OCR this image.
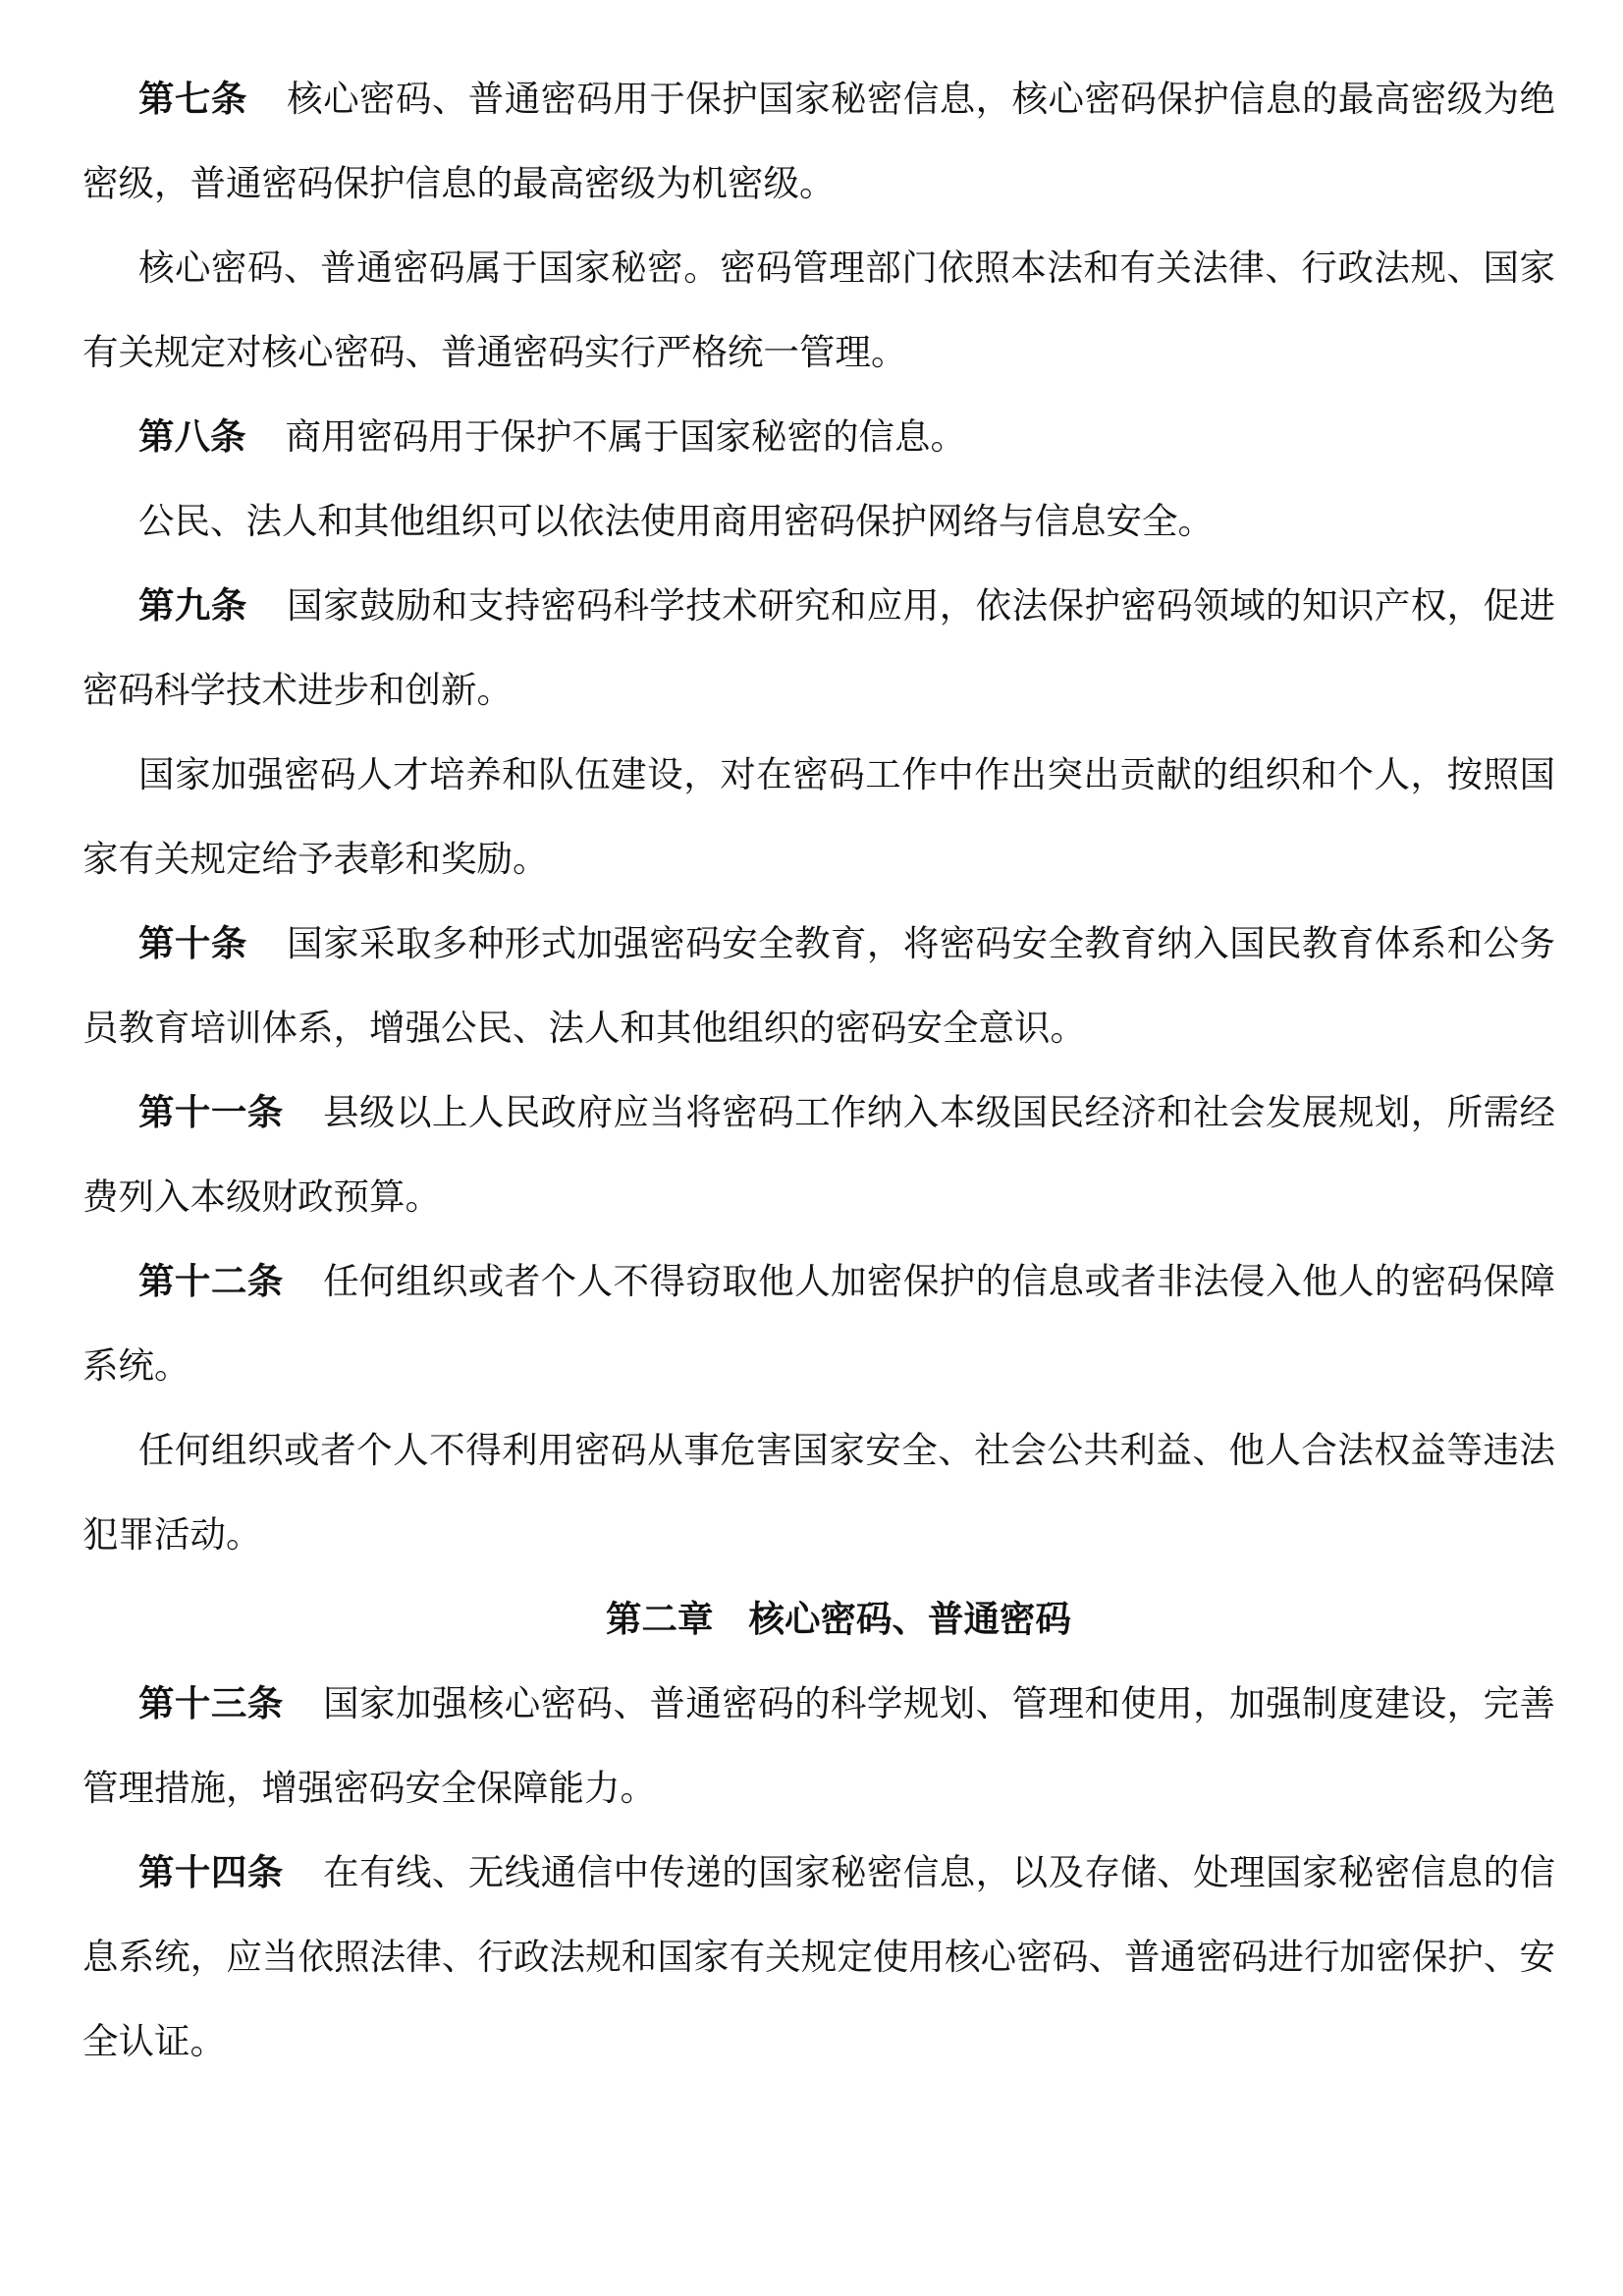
第七条 核心密码、普通密码用于保护国家秘密信息，核心密码保护信息的最高密级为绝密级，普通密码保护信息的最高密级为机密级。

核心密码、普通密码属于国家秘密。密码管理部门依照本法和有关法律、行政法规、国家有关规定对核心密码、普通密码实行严格统一管理。

第八条 商用密码用于保护不属于国家秘密的信息。

公民、法人和其他组织可以依法使用商用密码保护网络与信息安全。

第九条 国家鼓励和支持密码科学技术研究和应用，依法保护密码领域的知识产权，促进密码科学技术进步和创新。

国家加强密码人才培养和队伍建设，对在密码工作中作出突出贡献的组织和个人，按照国家有关规定给予表彰和奖励。

第十条 国家采取多种形式加强密码安全教育，将密码安全教育纳入国民教育体系和公务员教育培训体系，增强公民、法人和其他组织的密码安全意识。

第十一条 县级以上人民政府应当将密码工作纳入本级国民经济和社会发展规划，所需经费列入本级财政预算。

第十二条 任何组织或者个人不得窃取他人加密保护的信息或者非法侵入他人的密码保障系统。

任何组织或者个人不得利用密码从事危害国家安全、社会公共利益、他人合法权益等违法犯罪活动。

第二章 核心密码、普通密码

第十三条 国家加强核心密码、普通密码的科学规划、管理和使用，加强制度建设，完善管理措施，增强密码安全保障能力。

第十四条 在有线、无线通信中传递的国家秘密信息，以及存储、处理国家秘密信息的信息系统，应当依照法律、行政法规和国家有关规定使用核心密码、普通密码进行加密保护、安全认证。
